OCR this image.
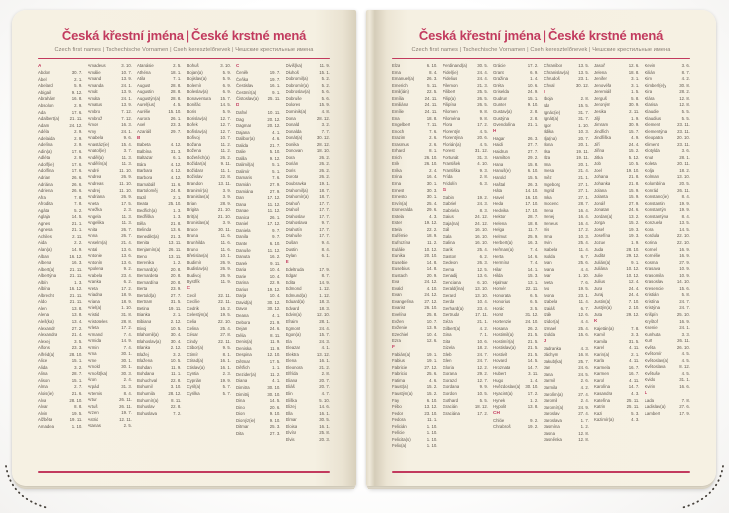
Česká křestní jména | České krstné mená
Czech first names | Tschechische Vornamen | Cseh keresztelőnevek | Чешские крестильные имена
A
Abdon	30. 7.
Ábel	2. 1.
Abelard	5. 9.
Abigail	9. 12.
Abrahám	16. 8.
Absolon	2. 9.
Ada	17. 6.
Adalbert(a) 21. 11.
Adam	24. 12.
Adéla	2. 9.
Adelaida	2. 9.
Adelína	2. 9.
Adin(a)	17. 6.
Adléta	2. 9.
Adolf(ie)	17. 6.
Adolfína	17. 6.
Adrian	26. 6.
Adriána	26. 6.
Adriena	26. 6.
Afra	7. 8.
Afrodita	7. 8.
Agáta	5. 2.
Aglaja	14. 5.
Agnes	21. 1.
Agnesa	21. 1.
Achiles	2. 11.
Aida	2. 2.
Alan(a)	14. 9.
Alban	16. 12.
Albena	16. 3.
Albert(a)	21. 11.
Albertýna	21. 11.
Albín	1. 3.
Albína	16. 12.
Albrecht	21. 11.
Aldo	21. 11.
Alen	13. 8.
Alena	13. 8.
Aleš(ka)	13. 4.
Alexandr	27. 2.
Alexandra	21. 4.
Alexej	3. 5.
Alfons	23. 3.
Alfréd(a)	28. 10.
Alice	15. 1.
Alida	3. 2.
Alina	28. 7.
Alison	15. 1.
Alma	2. 7.
Alois(ie)	21. 6.
Alva	28. 10.
Alvar	8. 8.
Alvin	19. 5.
Alžběta	19. 11.
Amadea	1. 10.
Amadeus	3. 10.
Amálie	10. 7.
Amand	13. 9.
Amanda	24. 1.
Amát	13. 9.
Amáta	24. 1.
Amatus	13. 9.
Ambro	7. 12.
Ambrož	7. 12.
Ámos	16. 3.
Amy	24. 1.
Anabela	9. 6.
Anastáz(ie)	15. 4.
Anatol(ie)	3. 7.
Anděl(a)	11. 3.
Andělín(a)	11. 3.
André	11. 10.
Andrea	26. 9.
Andreas	11. 10.
Andrej	11. 10.
Andriana	26. 9.
Aneta	17. 5.
Anežka	2. 3.
Angela	11. 3.
Angelika	11. 3.
Anita	26. 7.
Anna	26. 7.
Anselm(a)	21. 4.
Antal	13. 6.
Antonie	13. 6.
Antonín	13. 6.
Apolena	9. 2.
Arabela	23. 4.
Aranka	6. 2.
Areta	17. 2.
Ariadna	18. 9.
Ariana	18. 9.
Ariel(a)	1. 10.
Aristid	31. 8.
Aristoteles	28. 8.
Arleta	17. 2.
Armand	7. 4.
Armida	14. 9.
Armin	7. 4.
Arna	30. 1.
Arne	30. 1.
Arnold	30. 1.
Arnošt(ka)	30. 3.
Áron	2. 4.
Arpád	31. 3.
Artemis	8. 4.
Artur	26. 11.
Artuš	26. 11.
Arzen	19. 7.
Astrid	12. 11.
Atanas	2. 5.
Atanásie	2. 5.
Athéna	18. 1.
Atila	7. 1.
August	28. 8.
Augustin	28. 8.
Augustýn(a) 28. 8.
Aurel(ius)	4. 5.
Aurélie	15. 10.
Aurora	26. 1.
Axel	23. 3.
Azariáš	29. 7.
B
Babeta	4. 12.
Balbína	31. 3.
Baltazar	6. 1.
Bára	4. 12.
Barbara	4. 12.
Barbora	4. 12.
Barnabáš	11. 6.
Bartoloměj	24. 8.
Bazil	2. 1.
Beata	25. 10.
Bedřich(a)	1. 3.
Bedřiška	1. 3.
Běla	21. 8.
Belinda	13. 6.
Benedikt(a)	21. 3.
Benita	13. 11.
Benjamín(a) 26. 11.
Beno	13. 11.
Berenika	1. 2.
Bernard(a)	20. 8.
Bernardeta	20. 8.
Bernardína	20. 8.
Berta	23. 9.
Bertold(a)	27. 7.
Bertram	31. 5.
Betina	19. 11.
Bianka	2. 1.
Bibiana	2. 12.
Bivoj	10. 5.
Blahomil(a)	30. 4.
Blahoslav(a) 30. 4.
Blanka	2. 12.
Blažej	3. 2.
Blažena	10. 5.
Bohdan	11. 9.
Bohdana	11. 1.
Bohuchval	22. 8.
Bohumil	3. 10.
Bohumila	28. 12.
Bohumír(a)	8. 11.
Bohuslav	22. 8.
Bohuslava	7. 2.
Bohuš	3. 10.
Bojan(a)	5. 9.
Bojislav(a)	5. 9.
Bolemír	6. 9.
Boleslav(a)	6. 9.
Bonaventura 15. 7.
Bonifác	14. 5.
Boris	5. 9.
Borislav(a)	12. 7.
Bořek	12. 7.
Bořislav(a)	12. 7.
Bořivoj	10. 7.
Božana	11. 2.
Božena	11. 2.
Božetěch(a) 26. 2.
Božidar(a)	9. 11.
Božidara	11. 1.
Božislav	22. 8.
Brandon	13. 11.
Branimír(a)	3. 9.
Branislav(a)	3. 9.
Brian	28. 9.
Brigita	21. 10.
Brit(a)	21. 10.
Bronislav(a)	3. 9.
Bruce	30. 11.
Bruna	11. 6.
Brunhilda	11. 6.
Bruno	11. 6.
Břetislav(a)	10. 1.
Budimír	26. 9.
Budislav(a)	26. 9.
Budivoj	26. 9.
Bystřík	11. 9.
C
Cecil	22. 11.
Cecílie	22. 11.
Cedrik	16. 2.
Celestýn(a)	19. 5.
Celia	22. 10.
Celina	25. 4.
César	27. 8.
Cindy	22. 11.
Ctibor(a)	9. 5.
Ctimír	8. 1.
Ctirad(a)	16. 1.
Ctislav(a)	16. 1.
Cyntia	2. 3.
Cyprián	19. 9.
Cyril(a)	5. 7.
Cyrilka	5. 7.
Č
Čeněk	19. 7.
Čeňka	19. 7.
Čestislav	16. 1.
Čestmír(a)	9. 1.
Čistoslav(a) 25. 11.
D
Dafné	10. 11.
Dag	20. 12.
Dagmar	20. 12.
Dajana	4. 1.
Dalibor(a)	4. 6.
Dalida	21. 7.
Dalie	5. 10.
Dalila	9. 12.
Dalimil(a)	5. 1.
Dalimír	5. 1.
Damaris	7. 6.
Damián	27. 9.
Damiána	27. 9.
Dan	17. 12.
Dana	11. 12.
Danae	11. 12.
Danica	26. 1.
Daniel	17. 12.
Daniela	9. 7.
Danila	9. 7.
Dante	6. 10.
Danuše	11. 12.
Danuta	16. 2.
Darek	9. 11.
Daria	10. 4.
Darie	10. 4.
Darina	22. 9.
Darius	19. 12.
Darja	10. 4.
David(a)	30. 12.
Davor	30. 12.
Deana	4. 1.
Debora	21. 9.
Dejan	24. 6.
Délia	8. 11.
Denis(a)	11. 9.
Deniska	11. 9.
Despina	12. 10.
Dětmar	17. 5.
Dětřich	1. 1.
Dezider(a)	11. 2.
Diana	4. 1.
Dimitra	30. 10.
Dimitrij	30. 10.
Dina	14. 5.
Dino	20. 6.
Dion	9. 10.
Dionýz(ie)	9. 10.
Ditmar	25. 3.
Dita	27. 3.
Diviš(ka)	11. 9.
Dluhoš	15. 1.
Dobromil(a)	5. 2.
Dobromír(a)	5. 2.
Dobroslav(a)	5. 6.
Dobruše	5. 6.
Dolores	15. 9.
Dominik(a)	4. 8.
Dona	28. 12.
Donald	3. 2.
Donalda	7. 7.
Donát(a)	30. 12.
Donika	28. 12.
Donovan	18. 10.
Dora	26. 2.
Dorián	26. 2.
Doris	26. 2.
Dorota	26. 2.
Doubravka	19. 1.
Drahomil(a)	18. 7.
Drahomír(a) 18. 7.
Drahoň	17. 7.
Drahoš	17. 7.
Drahoslav	17. 7.
Drahoslava	9. 7.
Drahotín	17. 7.
Drahuše	17. 7.
Dušan	9. 4.
Dustin	8. 4.
Dylan	6. 1.
E
Edeltruda	17. 9.
Edgar	8. 7.
Edita	14. 9.
Edmond	1. 12.
Edmund(a)	1. 12.
Eduard(a)	18. 3.
Edvard	18. 3.
Edvin(a)	12. 10.
Efraim	28. 1.
Egmont	24. 4.
Egon(a)	15. 7.
Ela	24. 3.
Eleazar	4. 1.
Elektra	13. 12.
Elena	16. 1.
Eleonora	21. 2.
Elfrída	2. 8.
Eliana	20. 7.
Eliáš	20. 7.
Elin	4. 7.
Eliška	5. 10.
Elizej	14. 6.
Ella	16. 1.
Elmar	30. 5.
Eloisa	16. 1.
Elvíra	25. 8.
Elvis	20. 3.
Česká křestní jména | České krstné mená
Czech first names | Tschechische Vornamen | Cseh keresztelőnevek | Чешские крестильные имена
Elza	6. 10.
Ema	8. 4.
Emanuel(a)	26. 3.
Emerich	5. 11.
Emil(ián)	22. 5.
Emília	24. 11.
Emiliána	24. 11.
Emílie	24. 11.
Ena	18. 8.
Engelbert	7. 11.
Enoch	7. 6.
Erazim	2. 6.
Erasmus	2. 6.
Erhard	8. 1.
Erich	26. 10.
Erik	26. 10.
Erika	2. 4.
Erina	16. 4.
Erna	30. 1.
Ernest	30. 3.
Ernesto	30. 1.
Ervín(a)	25. 4.
Esmeralda	29. 6.
Estela	4. 3.
Ester	19. 12.
Etela	22. 2.
Eufémie	18. 9.
Eufrozína	11. 2.
Eulálie	10. 12.
Eunika	20. 10.
Eusebie	14. 8.
Eusebius	14. 8.
Eustach	20. 9.
Eva	24. 12.
Evald	4. 10.
Evan	24. 12.
Evangelína	27. 12.
Evarist	26. 10.
Evelína	25. 8.
Evžen	10. 7.
Evženie	13. 9.
Ezechiel	10. 4.
Ezra	12. 6.
F
Fabián(a)	19. 1.
Fabius	19. 1.
Fabricie	27. 12.
Fabricio	25. 6.
Fatima	4. 6.
Faust(a)	15. 2.
Faustýn(a)	15. 2.
Fay	6. 10.
Fébo	13. 12.
Fedor	23. 10.
Fedora	11. 1.
Felicián	1. 10.
Felície	1. 10.
Felicita(s)	1. 10.
Felix(a)	1. 10.
Ferdinand(a) 30. 5.
Fidel(ie)	24. 4.
Fidelius	24. 4.
Filemon	21. 3.
Filibert	25. 5.
Filip(a)	26. 5.
Filipína	26. 5.
Filomen	9. 8.
Filoména	9. 8.
Flora	17. 2.
Florentýn	4. 5.
Florentýna	20. 6.
Florián(a)	4. 5.
Forest	31. 12.
Fortunát	31. 3.
František	4. 10.
Františka	9. 3.
Frída	2. 8.
Fridolín	6. 3.
G
Gabin	19. 2.
Gabriel	24. 3.
Gabriela	8. 3.
Gaius	24. 12.
Gaja(na)	24. 12.
Gál	16. 10.
Gala	16. 10.
Galina	16. 10.
Garik	25. 4.
Gaston	6. 2.
Gedeon	26. 3.
Gema	12. 5.
Genadij	13. 6.
Genciana	6. 10.
Gerald(ína) 13. 10.
Gerard	13. 10.
Gerda	10. 4.
Gerhard(a)	23. 4.
Gertruda	17. 11.
Géza	21. 1.
Gilbert(a)	4. 2.
Gina	7. 1.
Gita	10. 6.
Gizela	18. 2.
Gleb	24. 7.
Glen	24. 7.
Gloria	12. 2.
Gorana	29. 2.
Gorazd	12. 7.
Gordana	9. 9.
Gordon	10. 5.
Gothard	5. 5.
Gracián	18. 12.
Graciána	17. 2.
Grácie	17. 2.
Grant	6. 9.
Gražina	1. 4.
Gréta	10. 6.
Griselda	24. 9.
Gudrun	15. 1.
Gunter	9. 10.
Gustav(a)	2. 8.
Gustýna	2. 8.
Gvendolína	21. 1.
H
Hagar	26. 3.
Haidi	27. 7.
Haidrun	27. 7.
Hamilton	29. 2.
Hana	15. 8.
Hanuš(e)	6. 10.
Harold	15. 5.
Haštal	26. 3.
Háta	14. 10.
Havel	16. 10.
Heda	17. 10.
Hedvika	17. 10.
Hektor	28. 7.
Helena	18. 8.
Helga	11. 7.
Helmut	25. 9.
Herbert(a)	16. 3.
Heřman(a)	7. 4.
Herta	14. 6.
Hermína	7. 4.
Hilar	14. 1.
Hilda	15. 3.
Hjalmar	13. 1.
Homér	22. 11.
Honorata	6. 5.
Honorius	6. 5.
Horác	3. 5.
Horst	31. 12.
Hortenzie	24. 10.
Hosana	26. 2.
Hostimil(a)	21. 5.
Hostimír(a)	21. 5.
Hostislav(a)	21. 5.
Hostivít	21. 5.
Hovard	14. 5.
Hroznata	14. 7.
Hubert	3. 11.
Hugo	1. 4.
Hvězdoslav(a) 30. 10.
Hyacint(a)	17. 2.
Hynek	1. 2.
Hypolit	13. 8.
CH
Chlóe	9. 2.
Chrabroš	19. 2.
Chranibor	13. 5.
Chranislav(a) 13. 5.
Chrudoš	23. 1.
Chval	30. 12.
I
Iboja	2. 8.
Ida	15. 5.
Ignác(ie)	31. 7.
Ignát(a)	31. 7.
Igor	1. 10.
Ildika	10. 3.
Ilja(na)	20. 7.
Ilona	20. 1.
Ilsa	19. 11.
Ilza	19. 11.
Ima	20. 1.
Inesa	21. 4.
Iněz	21. 1.
Ingeborg	27. 1.
Ingrid	27. 1.
Inka	27. 1.
Inocenc	28. 7.
Irena	16. 4.
Irenej	16. 4.
Ireneus	16. 4.
Iris	17. 2.
Irma	10. 3.
Irvin	25. 4.
Isabela	11. 4.
Isolda	6. 7.
Ivan	25. 6.
Ivana	4. 4.
Ivar	1. 10.
Iveta	7. 6.
Ivo	19. 5.
Ivona	23. 1.
Izabela	11. 4.
Izaiáš	6. 7.
Izák	12. 6.
Izidor(a)	4. 4.
Izmael	25. 4.
Izolda	15. 6.
J
Jadranka	4. 3.
Jáchym	16. 8.
Jakub(ka)	25. 7.
Jan	24. 6.
Jana	24. 5.
Jarmil	2. 6.
Jarmila	4. 2.
Jarolím(a)	27. 4.
Jaromil	2. 4.
Jaromír(a)	24. 9.
Jaroslav	27. 4.
Jaroslava	1. 7.
Jasmína	1. 2.
Jasna	12. 8.
Jasněnka	12. 8.
Jasoň	12. 6.
Jelena	18. 8.
Jenifer	3. 1.
Jenovéfa	3. 1.
Jeremiáš	1. 5.
Jerguš	5. 8.
Jeroným	30. 9.
Jesika	2. 11.
Jiljí	1. 9.
Jimram	30. 9.
Jindřich	15. 7.
Jindřiška	4. 9.
Jiří	24. 4.
Jiřina	15. 2.
Jitka	5. 12.
Job	10. 5.
Joel	19. 10.
Johana	21. 8.
Johanka	21. 8.
Jolana	15. 9.
Jolanta	15. 9.
Jonáš	27. 9.
Jonatan	24. 6.
Jordan(a)	13. 2.
Jorga	15. 2.
Josef	19. 3.
Josefína	19. 3.
Jozue	1. 9.
Juda	28. 10.
Judita	29. 12.
Julián(a)	9. 1.
Juliána	10. 12.
Julie	10. 12.
Julius	12. 4.
Jura	24. 4.
Juraj	24. 4.
Justin(a)	7. 10.
Justýn(a)	2. 10.
Juta	29. 12.
K
Kajetán(a)	7. 8.
Kamil	3. 3.
Kamila	31. 5.
Karel	4. 11.
Karin(a)	2. 1.
Karla	4. 11.
Karmela	16. 7.
Karmen	16. 7.
Karol	4. 11.
Karolína	14. 7.
Kasandra	4. 3.
Kateřina	25. 11.
Katrin	25. 11.
Kazi	5. 3.
Kazimír(a)	4. 3.
Kevin	3. 6.
Kilián	8. 7.
Kim	4. 2.
Kimberl(e)y	30. 8.
Kira	28. 2.
Klára	12. 8.
Klarisa	12. 8.
Klaudie	5. 5.
Klaudius	5. 5.
Klement	23. 11.
Klementýna 23. 11.
Kleopatra	20. 10.
Kliment	23. 11.
Klotylda	3. 6.
Knut	28. 1.
Koleta	20. 11.
Kolja	18. 2.
Kolman	13. 10.
Kolombína	20. 5.
Konrád	26. 11.
Konstanc(ie)	8. 4.
Konstantin	19. 9.
Konstantýn	19. 9.
Konstantýna	8. 4.
Konzuela	13. 5.
Kora	14. 5.
Kordula	22. 10.
Korina	22. 10.
Kornel	16. 9.
Kornélie	16. 9.
Kosma	27. 9.
Krasava	10. 9.
Krasomila	10. 9.
Krasoslav	14. 10.
Kresencie	15. 6.
Kristián	5. 8.
Kristína	24. 7.
Kristýna	24. 7.
Krišpín	25. 10.
Kryštof	16. 9.
Ksenie	24. 1.
Kunhuta	3. 3.
Kurt	26. 11.
Květa	26. 10.
Květomír	4. 5.
Květoslav(a)	4. 5.
Květoslava	8. 12.
Květuše	4. 5.
Kvido	31. 1.
Kvirin	16. 6.
L
Lada	7. 8.
Ladislav(a)	27. 6.
Lambert	17. 9.
